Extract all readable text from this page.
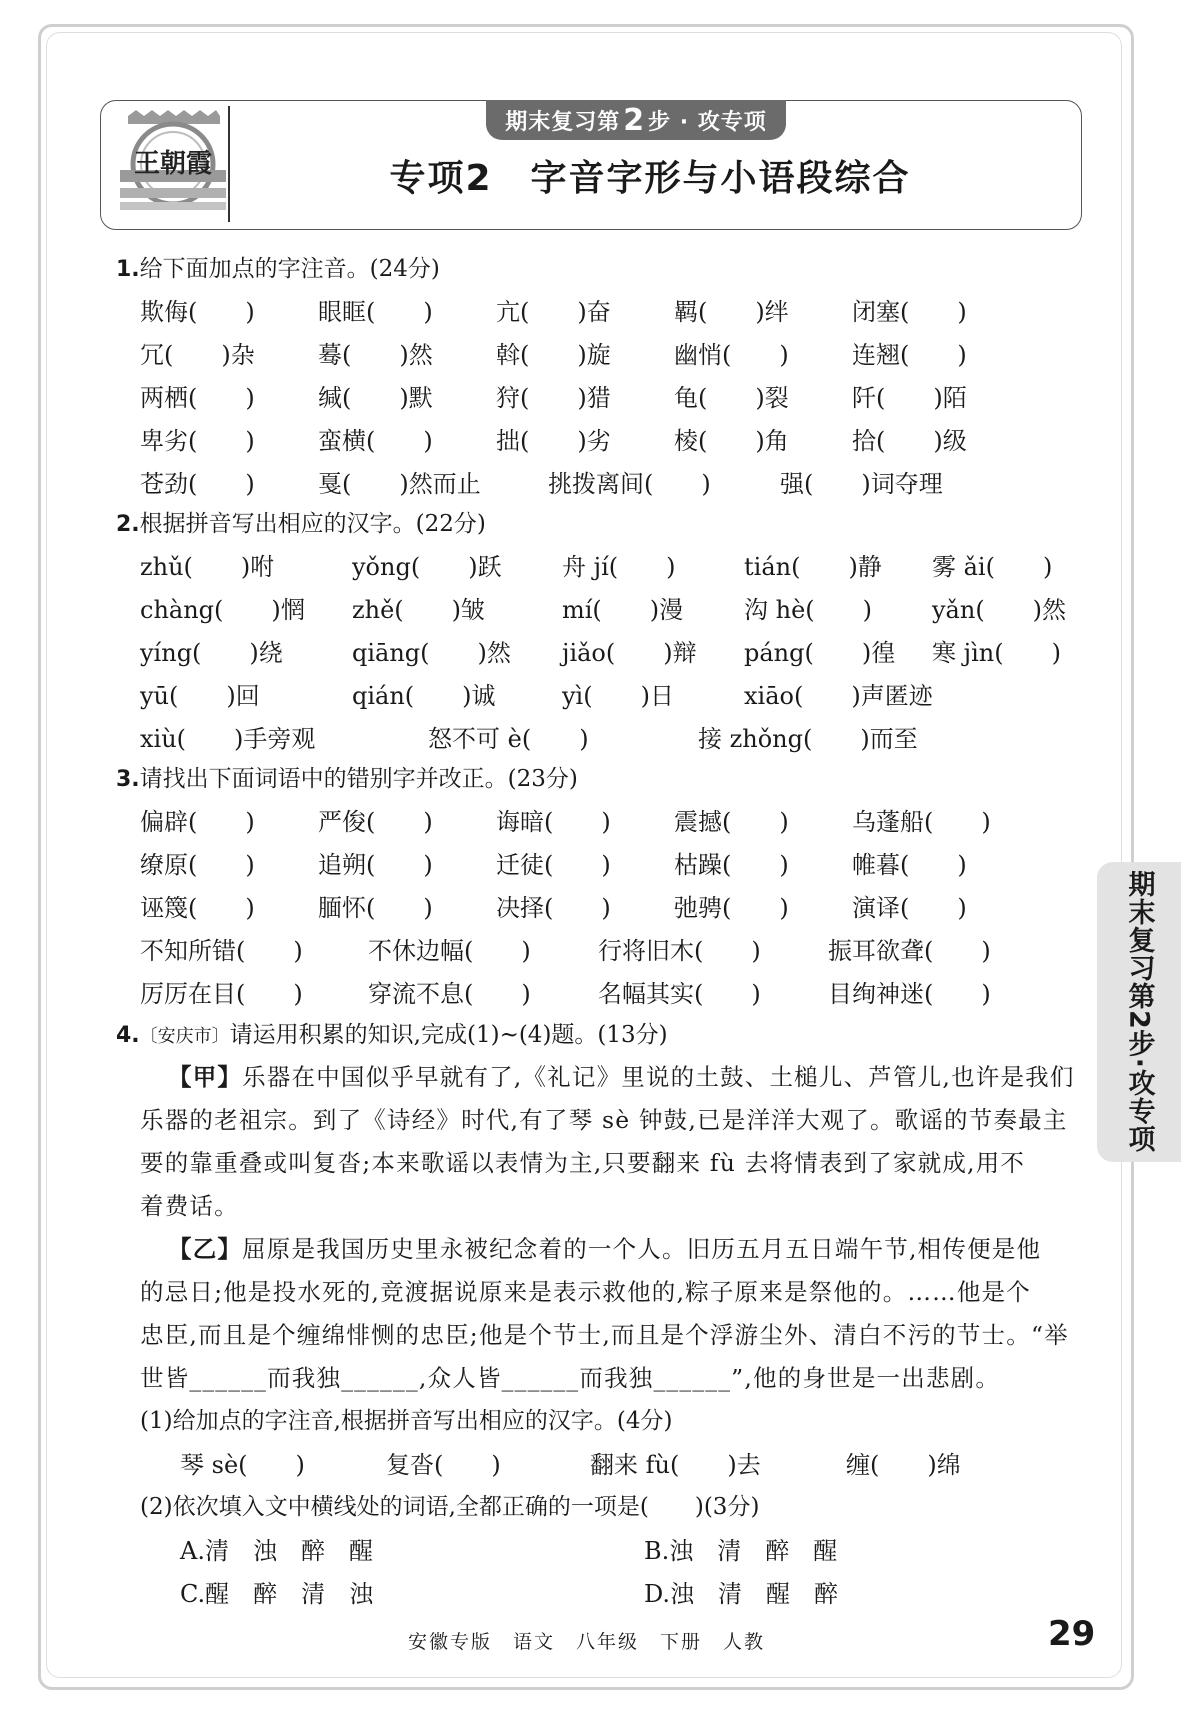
王朝霞
期末复习第 2 步 · 攻专项
专项2　字音字形与小语段综合
1.给下面加点的字注音。(24分)
欺侮(　　)	眼眶(　　)	亢(　　)奋	羁(　　)绊	闭塞(　　)
冗(　　)杂	蓦(　　)然	斡(　　)旋	幽悄(　　)	连翘(　　)
两栖(　　)	缄(　　)默	狩(　　)猎	龟(　　)裂	阡(　　)陌
卑劣(　　)	蛮横(　　)	拙(　　)劣	棱(　　)角	拾(　　)级
苍劲(　　)	戛(　　)然而止	挑拨离间(　　)	强(　　)词夺理
2.根据拼音写出相应的汉字。(22分)
zhǔ(　　)咐	yǒng(　　)跃	舟 jí(　　)	tián(　　)静 雾 ǎi(　　)
chàng(　　)惘 zhě(　　)皱	mí(　　)漫	沟 hè(　　) yǎn(　　)然
yíng(　　)绕	qiāng(　　)然 jiǎo(　　)辩 páng(　　)徨 寒 jìn(　　)
yū(　　)回	qián(　　)诚	yì(　　)日	xiāo(　　)声匿迹
xiù(　　)手旁观	怒不可 è(　　)	接 zhǒng(　　)而至
3.请找出下面词语中的错别字并改正。(23分)
偏辟(　　)	严俊(　　)	诲暗(　　)	震撼(　　)	乌蓬船(　　)
缭原(　　)	追朔(　　)	迁徒(　　)	枯躁(　　)	帷暮(　　)
诬篾(　　)	腼怀(　　)	决择(　　)	弛骋(　　)	演译(　　)
不知所错(　　)	不休边幅(　　)	行将旧木(　　)	振耳欲聋(　　)
厉厉在目(　　)	穿流不息(　　)	名幅其实(　　)	目绚神迷(　　)
4.〔安庆市〕请运用积累的知识,完成(1)~(4)题。(13分)
【甲】乐器在中国似乎早就有了,《礼记》里说的土鼓、土槌儿、芦管儿,也许是我们
乐器的老祖宗。到了《诗经》时代,有了琴 sè 钟鼓,已是洋洋大观了。歌谣的节奏最主
要的靠重叠或叫复沓;本来歌谣以表情为主,只要翻来 fù 去将情表到了家就成,用不
着费话。
【乙】屈原是我国历史里永被纪念着的一个人。旧历五月五日端午节,相传便是他
的忌日;他是投水死的,竞渡据说原来是表示救他的,粽子原来是祭他的。……他是个
忠臣,而且是个缠绵悱恻的忠臣;他是个节士,而且是个浮游尘外、清白不污的节士。“举
世皆______而我独______,众人皆______而我独______”,他的身世是一出悲剧。
(1)给加点的字注音,根据拼音写出相应的汉字。(4分)
琴 sè(　　)	复沓(　　)	翻来 fù(　　)去	缠(　　)绵
(2)依次填入文中横线处的词语,全都正确的一项是(　　)(3分)
A.清　浊　醉　醒	B.浊　清　醉　醒
C.醒　醉　清　浊	D.浊　清　醒　醉
期末复习第2步·攻专项
安徽专版　语文　八年级　下册　人教	29
